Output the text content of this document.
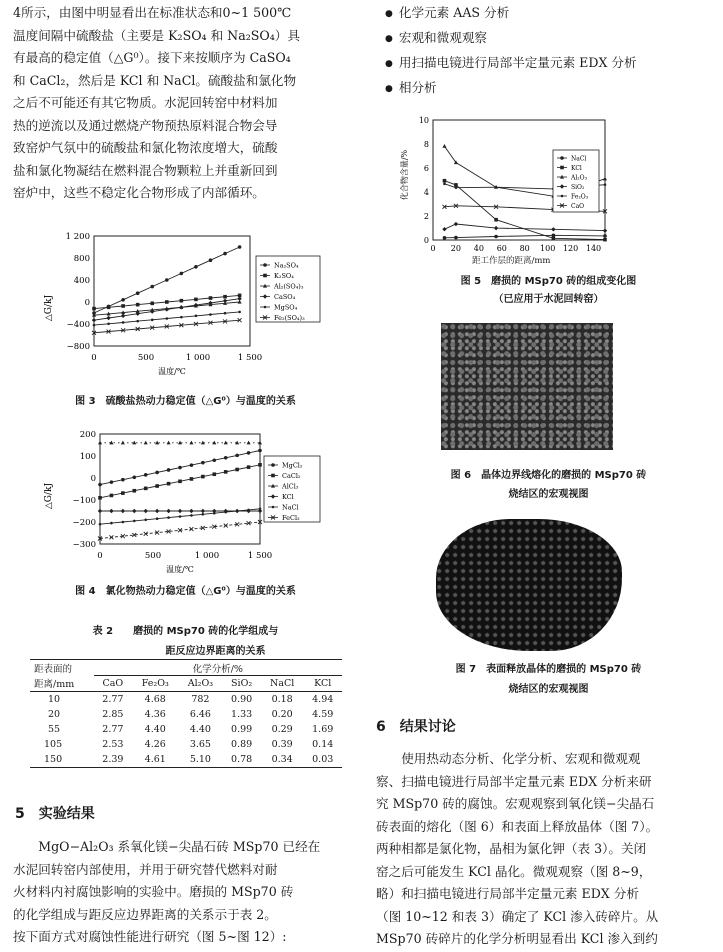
4所示，由图中明显看出在标准状态和0~1 500℃

温度间隔中硫酸盐（主要是 K₂SO₄ 和 Na₂SO₄）具

有最高的稳定值（△G⁰）。接下来按顺序为 CaSO₄

和 CaCl₂，然后是 KCl 和 NaCl。硫酸盐和氯化物

之后不可能还有其它物质。水泥回转窑中材料加

热的逆流以及通过燃烧产物预热原料混合物会导

致窑炉气氛中的硫酸盐和氯化物浓度增大，硫酸

盐和氯化物凝结在燃料混合物颗粒上并重新回到

窑炉中，这些不稳定化合物形成了内部循环。

△G/kJ
1 200
800
400
0
−400
−800
0	500	1 000	1 500
温度/℃
Na₂SO₄
K₂SO₄
Al₂(SO₄)₃
CaSO₄
MgSO₄
Fe₂(SO₄)₃
图 3　硫酸盐热动力稳定值（△G⁰）与温度的关系
△G/kJ
200
100
0
−100
−200
−300
0	500	1 000	1 500
温度/℃
MgCl₂
CaCl₂
AlCl₃
KCl
NaCl
FeCl₃
图 4　氯化物热动力稳定值（△G⁰）与温度的关系
表 2　　磨损的 MSp70 砖的化学组成与
距反应边界距离的关系
距表面的	化学分析/%					
距离/mm	CaO	Fe₂O₃	Al₂O₃	SiO₂	NaCl	KCl
10	2.77	4.68	782	0.90	0.18	4.94
20	2.85	4.36	6.46	1.33	0.20	4.59
55	2.77	4.40	4.40	0.99	0.29	1.69
105	2.53	4.26	3.65	0.89	0.39	0.14
150	2.39	4.61	5.10	0.78	0.34	0.03
5　实验结果

MgO−Al₂O₃ 系氧化镁−尖晶石砖 MSp70 已经在

水泥回转窑内部使用，并用于研究替代燃料对耐

火材料内衬腐蚀影响的实验中。磨损的 MSp70 砖

的化学组成与距反应边界距离的关系示于表 2。

按下面方式对腐蚀性能进行研究（图 5~图 12）:

● 化学元素 AAS 分析
● 宏观和微观观察
● 用扫描电镜进行局部半定量元素 EDX 分析
● 相分析
化合物含量/%
10
8
6
4
2
0
0 20 40 60 80 100 120 140
NaCl
KCl
Al₂O₃
SiO₂
Fe₂O₃
CaO
距工作层的距离/mm
图 5　磨损的 MSp70 砖的组成变化图
（已应用于水泥回转窑）
图 6　晶体边界线熔化的磨损的 MSp70 砖
烧结区的宏观视图
图 7　表面释放晶体的磨损的 MSp70 砖
烧结区的宏观视图
6　结果讨论

使用热动态分析、化学分析、宏观和微观观

察、扫描电镜进行局部半定量元素 EDX 分析来研

究 MSp70 砖的腐蚀。宏观观察到氧化镁−尖晶石

砖表面的熔化（图 6）和表面上释放晶体（图 7）。

两种相都是氯化物，晶相为氯化钾（表 3）。关闭

窑之后可能发生 KCl 晶化。微观观察（图 8~9，

略）和扫描电镜进行局部半定量元素 EDX 分析

（图 10~12 和表 3）确定了 KCl 渗入砖碎片。从

MSp70 砖碎片的化学分析明显看出 KCl 渗入到约
